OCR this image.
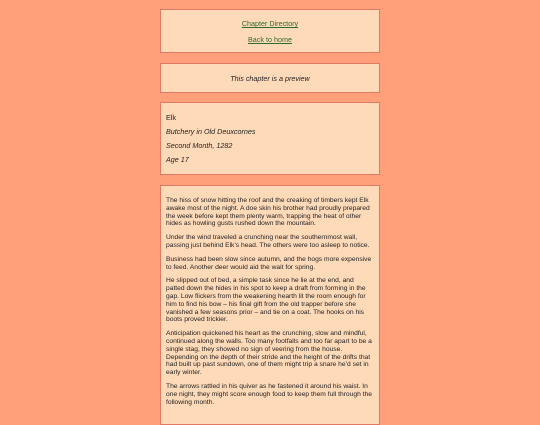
Chapter Directory
Back to home
This chapter is a preview
Elk
Butchery in Old Deuxcornes
Second Month, 1282
Age 17

The hiss of snow hitting the roof and the creaking of timbers kept Elk awake most of the night. A doe skin his brother had proudly prepared the week before kept them plenty warm, trapping the heat of other hides as howling gusts rushed down the mountain.

Under the wind traveled a crunching near the southernmost wall, passing just behind Elk’s head. The others were too asleep to notice.

Business had been slow since autumn, and the hogs more expensive to feed. Another deer would aid the wait for spring.

He slipped out of bed, a simple task since he lie at the end, and patted down the hides in his spot to keep a draft from forming in the gap. Low flickers from the weakening hearth lit the room enough for him to find his bow – his final gift from the old trapper before she vanished a few seasons prior – and tie on a coat. The hooks on his boots proved trickier.

Anticipation quickened his heart as the crunching, slow and mindful, continued along the walls. Too many footfalls and too far apart to be a single stag, they showed no sign of veering from the house. Depending on the depth of their stride and the height of the drifts that had built up past sundown, one of them might trip a snare he’d set in early winter.

The arrows rattled in his quiver as he fastened it around his waist. In one night, they might score enough food to keep them full through the following month.
